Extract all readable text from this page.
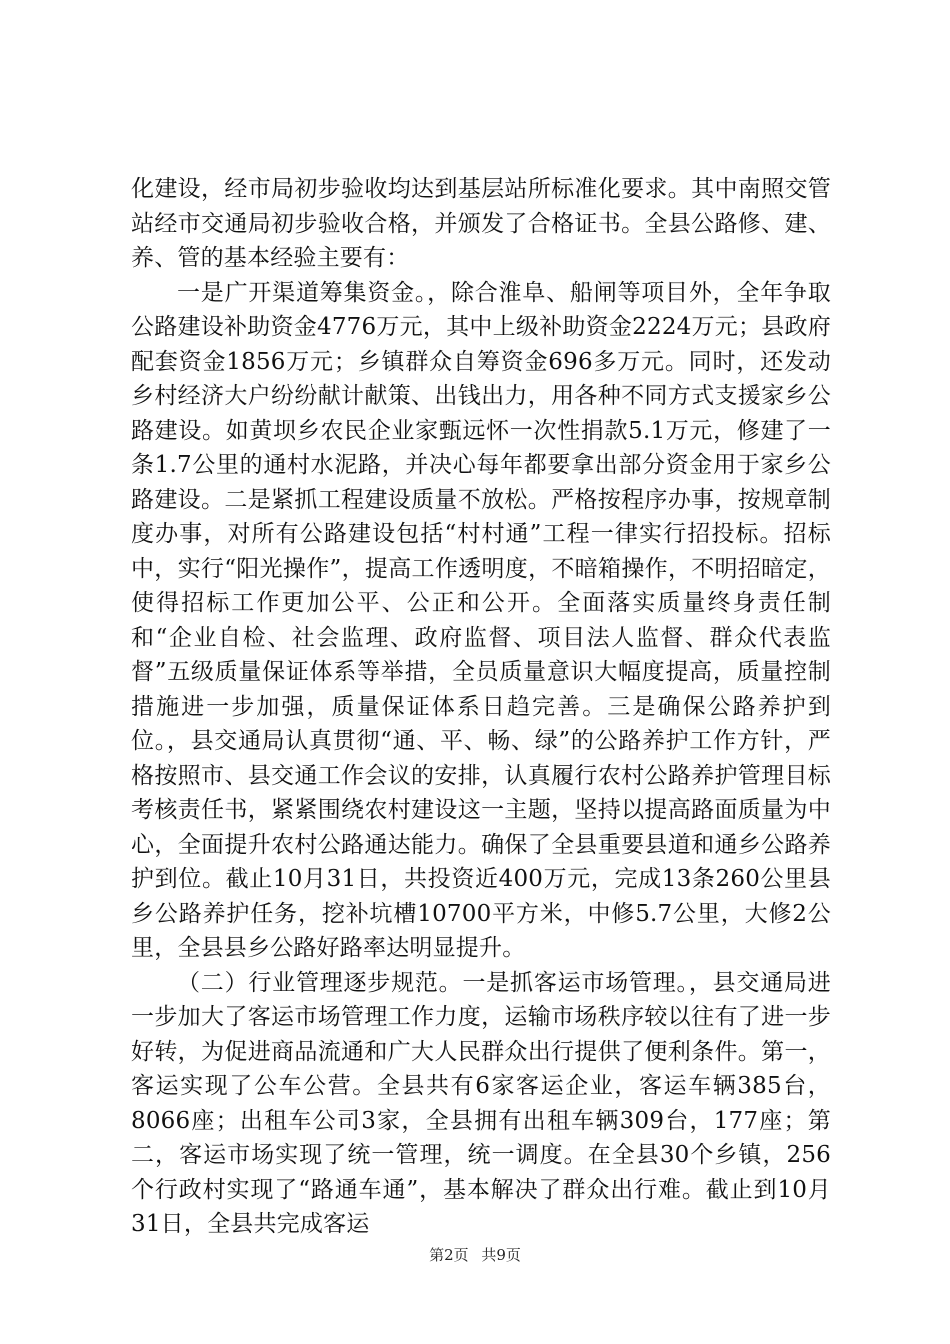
化建设，经市局初步验收均达到基层站所标准化要求。其中南照交管站经市交通局初步验收合格，并颁发了合格证书。全县公路修、建、养、管的基本经验主要有：

一是广开渠道筹集资金。，除合淮阜、船闸等项目外，全年争取公路建设补助资金4776万元，其中上级补助资金2224万元；县政府配套资金1856万元；乡镇群众自筹资金696多万元。同时，还发动乡村经济大户纷纷献计献策、出钱出力，用各种不同方式支援家乡公路建设。如黄坝乡农民企业家甄远怀一次性捐款5.1万元，修建了一条1.7公里的通村水泥路，并决心每年都要拿出部分资金用于家乡公路建设。二是紧抓工程建设质量不放松。严格按程序办事，按规章制度办事，对所有公路建设包括“村村通”工程一律实行招投标。招标中，实行“阳光操作”，提高工作透明度，不暗箱操作，不明招暗定，使得招标工作更加公平、公正和公开。全面落实质量终身责任制和“企业自检、社会监理、政府监督、项目法人监督、群众代表监督”五级质量保证体系等举措，全员质量意识大幅度提高，质量控制措施进一步加强，质量保证体系日趋完善。三是确保公路养护到位。，县交通局认真贯彻“通、平、畅、绿”的公路养护工作方针，严格按照市、县交通工作会议的安排，认真履行农村公路养护管理目标考核责任书，紧紧围绕农村建设这一主题，坚持以提高路面质量为中心，全面提升农村公路通达能力。确保了全县重要县道和通乡公路养护到位。截止10月31日，共投资近400万元，完成13条260公里县乡公路养护任务，挖补坑槽10700平方米，中修5.7公里，大修2公里，全县县乡公路好路率达明显提升。

（二）行业管理逐步规范。一是抓客运市场管理。，县交通局进一步加大了客运市场管理工作力度，运输市场秩序较以往有了进一步好转，为促进商品流通和广大人民群众出行提供了便利条件。第一，客运实现了公车公营。全县共有6家客运企业，客运车辆385台，8066座；出租车公司3家，全县拥有出租车辆309台，177座；第二，客运市场实现了统一管理，统一调度。在全县30个乡镇，256个行政村实现了“路通车通”，基本解决了群众出行难。截止到10月31日，全县共完成客运

第2页 共9页
